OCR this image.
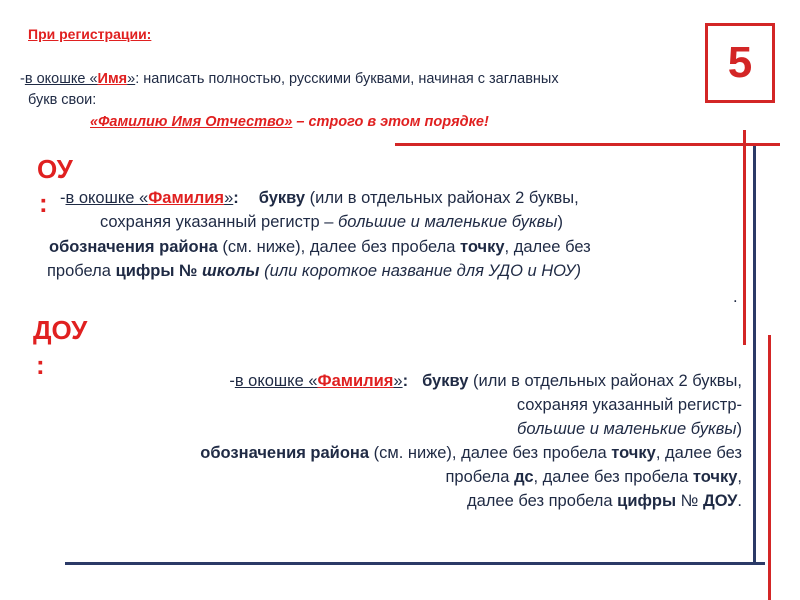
5
При регистрации:
-в окошке «Имя»: написать полностью, русскими буквами, начиная с заглавных
букв свои:
«Фамилию Имя Отчество» – строго в этом порядке!
ОУ
: -в окошке «Фамилия»: букву (или в отдельных районах 2 буквы,
сохраняя указанный регистр – большие и маленькие буквы)
обозначения района (см. ниже), далее без пробела точку, далее без
пробела цифры № школы (или короткое название для УДО и НОУ)
.
ДОУ
:
-в окошке «Фамилия»: букву (или в отдельных районах 2 буквы,
сохраняя указанный регистр-
большие и маленькие буквы)
обозначения района (см. ниже), далее без пробела точку, далее без
пробела дс, далее без пробела точку,
далее без пробела цифры № ДОУ.
